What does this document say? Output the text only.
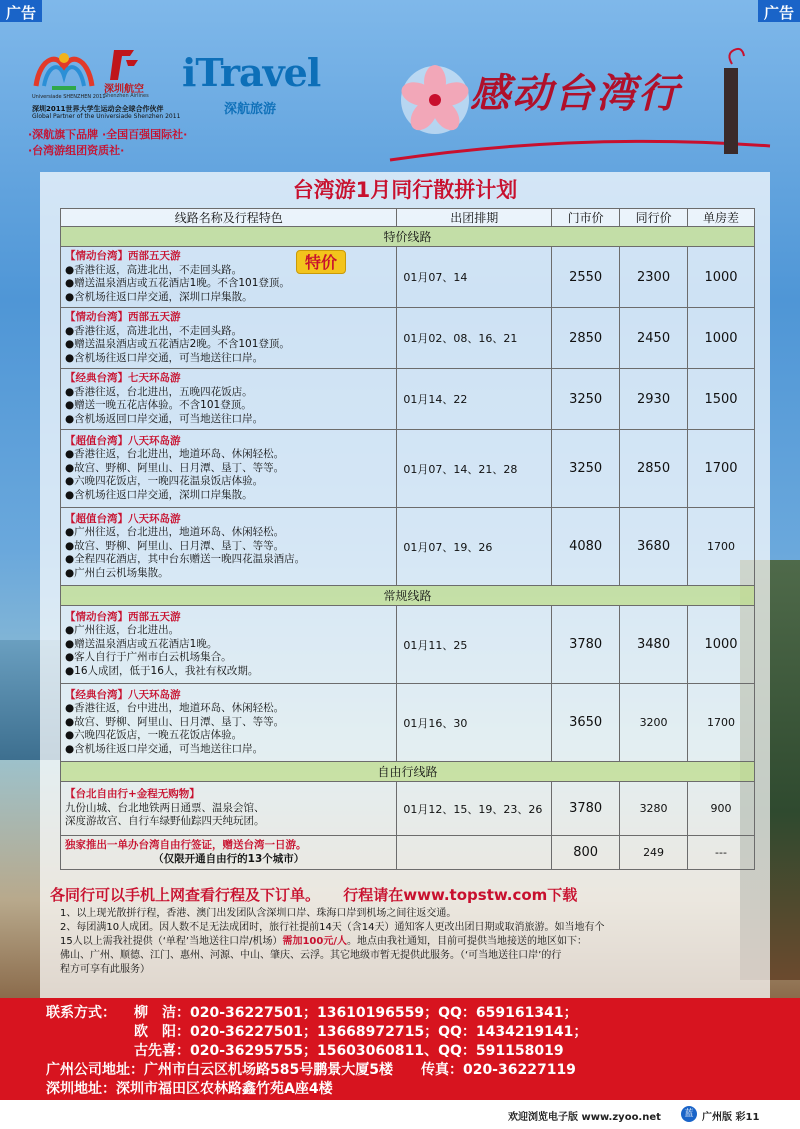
广告	广告
Universiade SHENZHEN 2011
深圳航空
Shenzhen Airlines
深圳2011世界大学生运动会全球合作伙伴
Global Partner of the Universiade Shenzhen 2011
iTravel
深航旅游
·深航旗下品牌 ·全国百强国际社·
·台湾游组团资质社·
感动台湾行
台湾游1月同行散拼计划
线路名称及行程特色	出团排期	门市价	同行价	单房差
特价线路				

【情动台湾】西部五天游
●香港往返，高进北出，不走回头路。
●赠送温泉酒店或五花酒店1晚。不含101登顶。
●含机场往返口岸交通，深圳口岸集散。	01月07、14	2550	2300	1000

【情动台湾】西部五天游
●香港往返，高进北出，不走回头路。
●赠送温泉酒店或五花酒店2晚。不含101登顶。
●含机场往返口岸交通，可当地送往口岸。	01月02、08、16、21	2850	2450	1000

【经典台湾】七天环岛游
●香港往返，台北进出，五晚四花饭店。
●赠送一晚五花店体验。不含101登顶。
●含机场返回口岸交通，可当地送往口岸。	01月14、22	3250	2930	1500

【超值台湾】八天环岛游
●香港往返，台北进出，地道环岛、休闲轻松。
●故宫、野柳、阿里山、日月潭、垦丁、等等。
●六晚四花饭店，一晚四花温泉饭店体验。
●含机场往返口岸交通，深圳口岸集散。	01月07、14、21、28	3250	2850	1700

【超值台湾】八天环岛游
●广州往返，台北进出，地道环岛、休闲轻松。
●故宫、野柳、阿里山、日月潭、垦丁、等等。
●全程四花酒店，其中台东赠送一晚四花温泉酒店。
●广州白云机场集散。	01月07、19、26	4080	3680	1700
常规线路				

【情动台湾】西部五天游
●广州往返，台北进出。
●赠送温泉酒店或五花酒店1晚。
●客人自行于广州市白云机场集合。
●16人成团，低于16人，我社有权改期。	01月11、25	3780	3480	1000

【经典台湾】八天环岛游
●香港往返，台中进出，地道环岛、休闲轻松。
●故宫、野柳、阿里山、日月潭、垦丁、等等。
●六晚四花饭店，一晚五花饭店体验。
●含机场往返口岸交通，可当地送往口岸。	01月16、30	3650	3200	1700
自由行线路				

【台北自由行+金程无购物】
九份山城、台北地铁两日通票、温泉会馆、
深度游故宫、自行车绿野仙踪四天纯玩团。	01月12、15、19、23、26	3780	3280	900

独家推出一单办台湾自由行签证，赠送台湾一日游。
（仅限开通自由行的13个城市）		800	249	---
特价
各同行可以手机上网查看行程及下订单。 行程请在www.topstw.com下载
1、以上现光散拼行程，香港、澳门出发团队含深圳口岸、珠海口岸到机场之间往返交通。
2、每团满10人成团。因人数不足无法成团时，旅行社提前14天（含14天）通知客人更改出团日期或取消旅游。如当地有个
15人以上需我社提供（‘单程’当地送往口岸/机场）需加100元/人。地点由我社通知，目前可提供当地接送的地区如下：
佛山、广州、顺德、江门、惠州、河源、中山、肇庆、云浮。其它地级市暂无提供此服务。（‘可当地送往口岸’的行
程方可享有此服务）
联系方式： 柳　洁：020-36227501；13610196559；QQ：659161341；
欧　阳：020-36227501；13668972715；QQ：1434219141；
古先喜：020-36295755；15603060811、QQ：591158019
广州公司地址：广州市白云区机场路585号鹏景大厦5楼　　传真：020-36227119
深圳地址：深圳市福田区农林路鑫竹苑A座4楼
欢迎浏览电子版 www.zyoo.net	蓝 广州版 彩11
